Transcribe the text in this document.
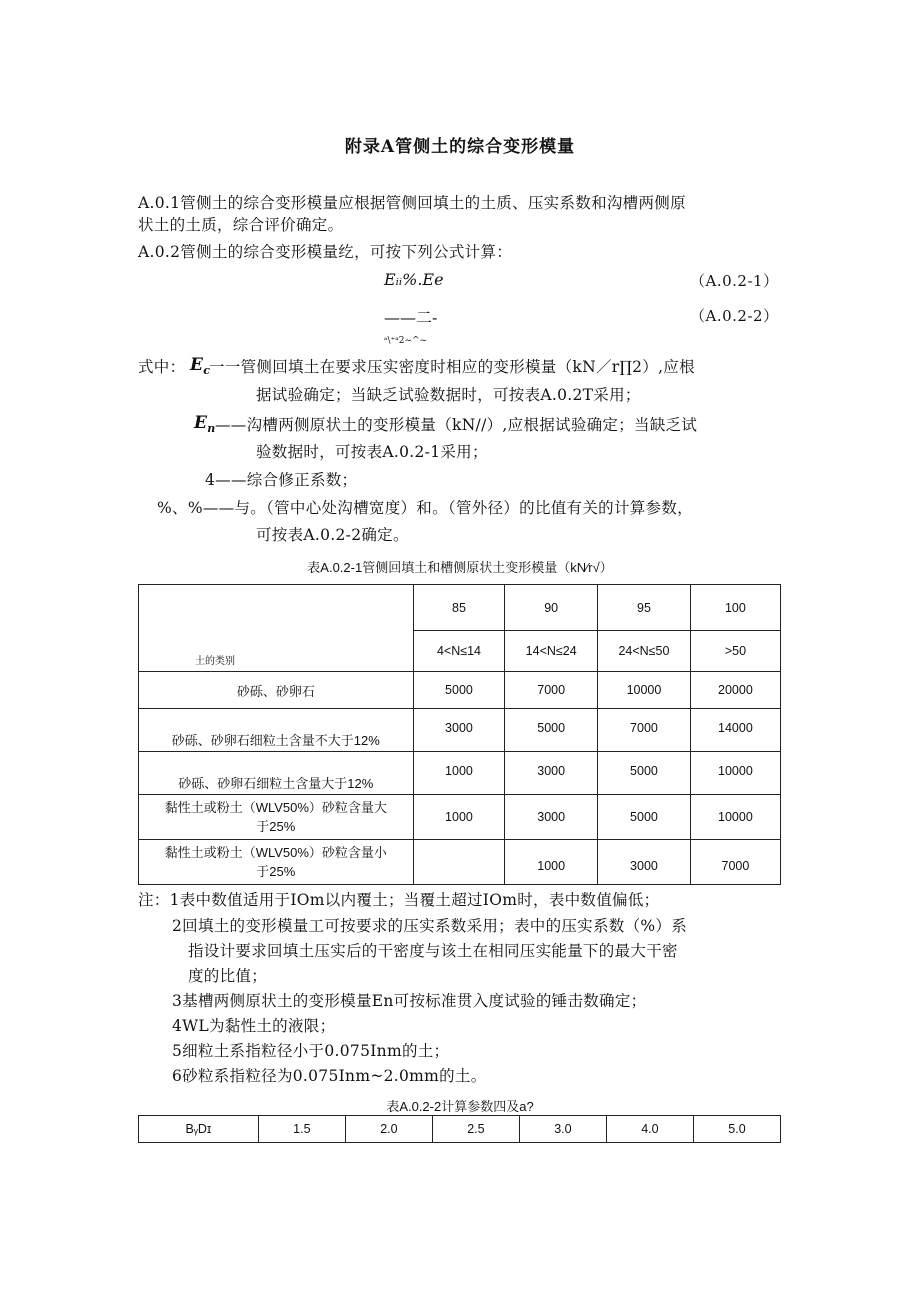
附录A管侧土的综合变形模量
A.0.1管侧土的综合变形模量应根据管侧回填土的土质、压实系数和沟槽两侧原
状土的土质，综合评价确定。
A.0.2管侧土的综合变形模量纥，可按下列公式计算：
Eᵢᵢ%.Ee	（A.0.2-1）
——二-	（A.0.2-2）
ᵃ\⁺ᵃ2~^~
式中： $E_c$
一一管侧回填土在要求压实密度时相应的变形模量（kN／r∏2）,应根
据试验确定；当缺乏试验数据时，可按表A.0.2T采用；
$E_n$ ——沟槽两侧原状土的变形模量（kN//）,应根据试验确定；当缺乏试
验数据时，可按表A.0.2-1采用；
4——综合修正系数；
%、%——与。（管中心处沟槽宽度）和。（管外径）的比值有关的计算参数，
可按表A.0.2-2确定。
表A.0.2-1管侧回填土和槽侧原状土变形模量（kN∕r√）
土的类别	85	90	95	100
	4<N≤14	14<N≤24	24<N≤50	>50
砂砾、砂卵石	5000	7000	10000	20000
砂砾、砂卵石细粒土含量不大于12%	3000	5000	7000	14000
砂砾、砂卵石细粒土含量大于12%	1000	3000	5000	10000
黏性土或粉土（WLV50%）砂粒含量大
于25%	1000	3000	5000	10000
黏性土或粉土（WLV50%）砂粒含量小
于25%		1000	3000	7000
注：1表中数值适用于IOm以内覆土；当覆土超过IOm时，表中数值偏低；
2回填土的变形模量工可按要求的压实系数采用；表中的压实系数（%）系
指设计要求回填土压实后的干密度与该土在相同压实能量下的最大干密
度的比值；
3基槽两侧原状土的变形模量En可按标准贯入度试验的锤击数确定；
4WL为黏性土的液限；
5细粒土系指粒径小于0.075Inm的土；
6砂粒系指粒径为0.075Inm~2.0mm的土。
表A.0.2-2计算参数四及a?
BᵧDɪ	1.5	2.0	2.5	3.0	4.0	5.0
